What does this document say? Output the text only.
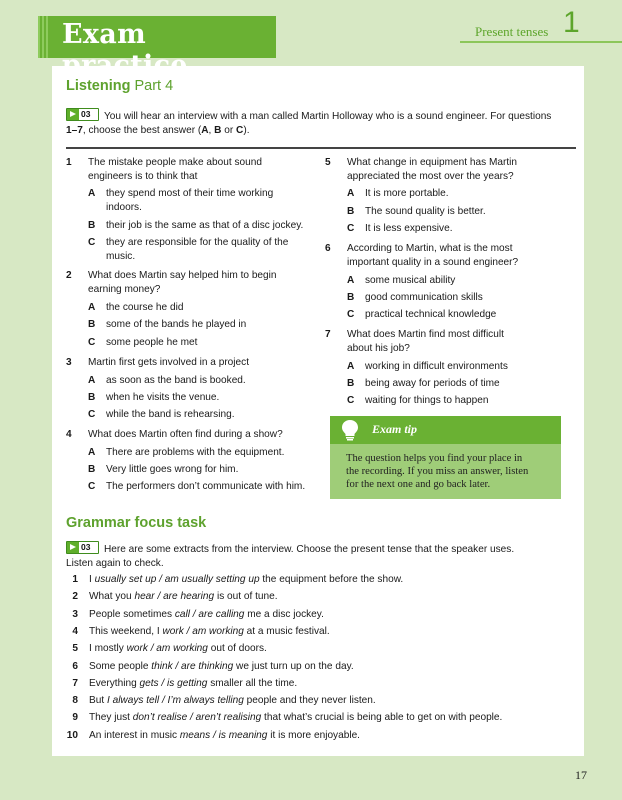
Exam	Present tenses 1
Listening Part 4
03 You will hear an interview with a man called Martin Holloway who is a sound engineer. For questions
1–7, choose the best answer (A, B or C).
1 The mistake people make about sound
engineers is to think that
A they spend most of their time working
indoors.
B their job is the same as that of a disc jockey.
C they are responsible for the quality of the
music.
2 What does Martin say helped him to begin
earning money?
A the course he did
B some of the bands he played in
C some people he met
3 Martin first gets involved in a project
A as soon as the band is booked.
B when he visits the venue.
C while the band is rehearsing.
4 What does Martin often find during a show?
A There are problems with the equipment.
B Very little goes wrong for him.
C The performers don’t communicate with him.
5 What change in equipment has Martin
appreciated the most over the years?
A It is more portable.
B The sound quality is better.
C It is less expensive.
6 According to Martin, what is the most
important quality in a sound engineer?
A some musical ability
B good communication skills
C practical technical knowledge
7 What does Martin find most difficult
about his job?
A working in difficult environments
B being away for periods of time
C waiting for things to happen
Exam tip
The question helps you find your place in
the recording. If you miss an answer, listen
for the next one and go back later.
Grammar focus task
03 Here are some extracts from the interview. Choose the present tense that the speaker uses.
Listen again to check.
1 I usually set up / am usually setting up the equipment before the show.
2 What you hear / are hearing is out of tune.
3 People sometimes call / are calling me a disc jockey.
4 This weekend, I work / am working at a music festival.
5 I mostly work / am working out of doors.
6 Some people think / are thinking we just turn up on the day.
7 Everything gets / is getting smaller all the time.
8 But I always tell / I’m always telling people and they never listen.
9 They just don’t realise / aren’t realising that what’s crucial is being able to get on with people.
10 An interest in music means / is meaning it is more enjoyable.
17
